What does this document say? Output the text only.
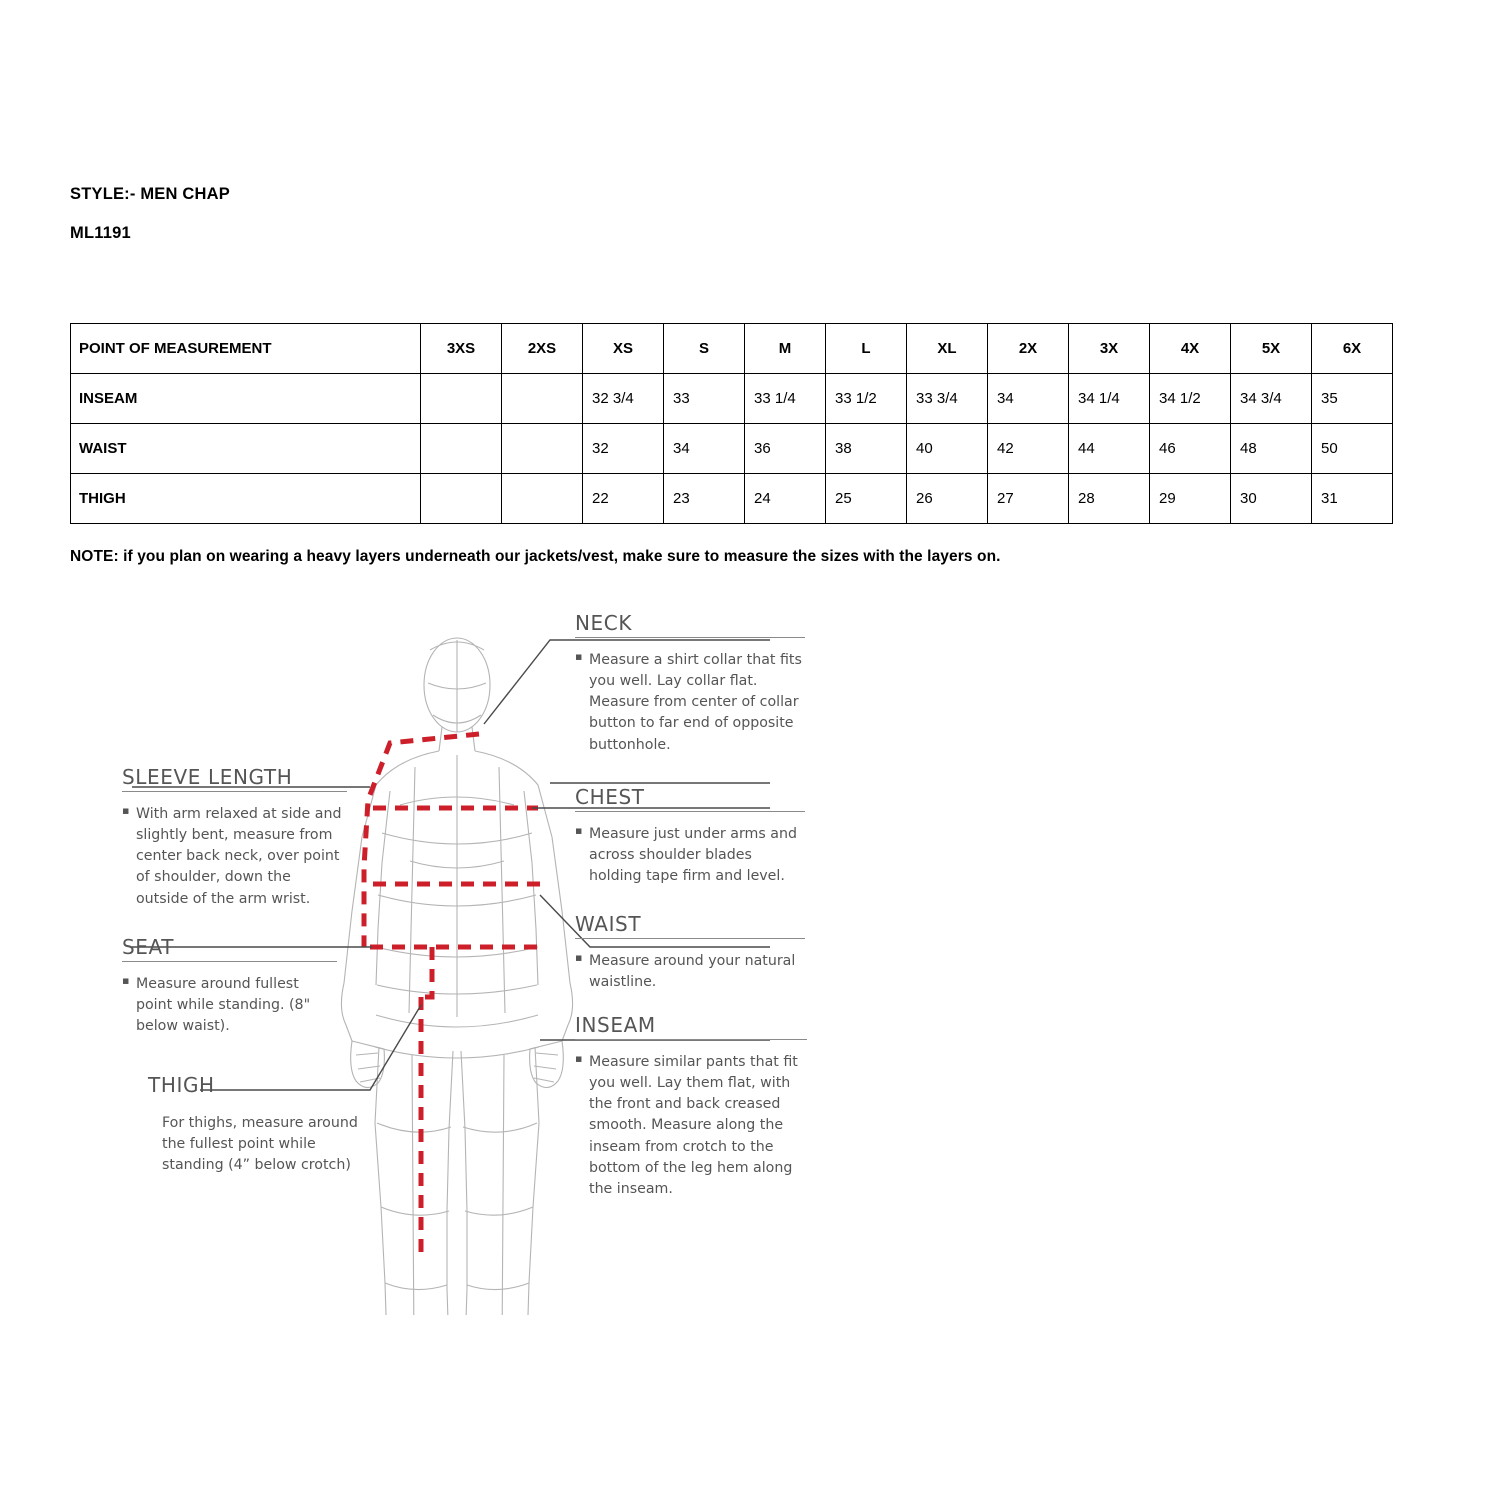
STYLE:- MEN CHAP
ML1191
POINT OF MEASUREMENT	3XS	2XS	XS	S	M	L	XL	2X	3X	4X	5X	6X
INSEAM			32 3/4	33	33 1/4	33 1/2	33 3/4	34	34 1/4	34 1/2	34 3/4	35
WAIST			32	34	36	38	40	42	44	46	48	50
THIGH			22	23	24	25	26	27	28	29	30	31
NOTE: if you plan on wearing a heavy layers underneath our jackets/vest, make sure to measure the sizes with the layers on.
NECK
▪ Measure a shirt collar that fits you well. Lay collar flat. Measure from center of collar button to far end of opposite buttonhole.
SLEEVE LENGTH
▪ With arm relaxed at side and slightly bent, measure from center back neck, over point of shoulder, down the outside of the arm wrist.
CHEST
▪ Measure just under arms and across shoulder blades holding tape firm and level.
SEAT
▪ Measure around fullest point while standing. (8" below waist).
WAIST
▪ Measure around your natural waistline.
INSEAM
▪ Measure similar pants that fit you well. Lay them flat, with the front and back creased smooth. Measure along the inseam from crotch to the bottom of the leg hem along the inseam.
THIGH
For thighs, measure around the fullest point while standing (4” below crotch)
